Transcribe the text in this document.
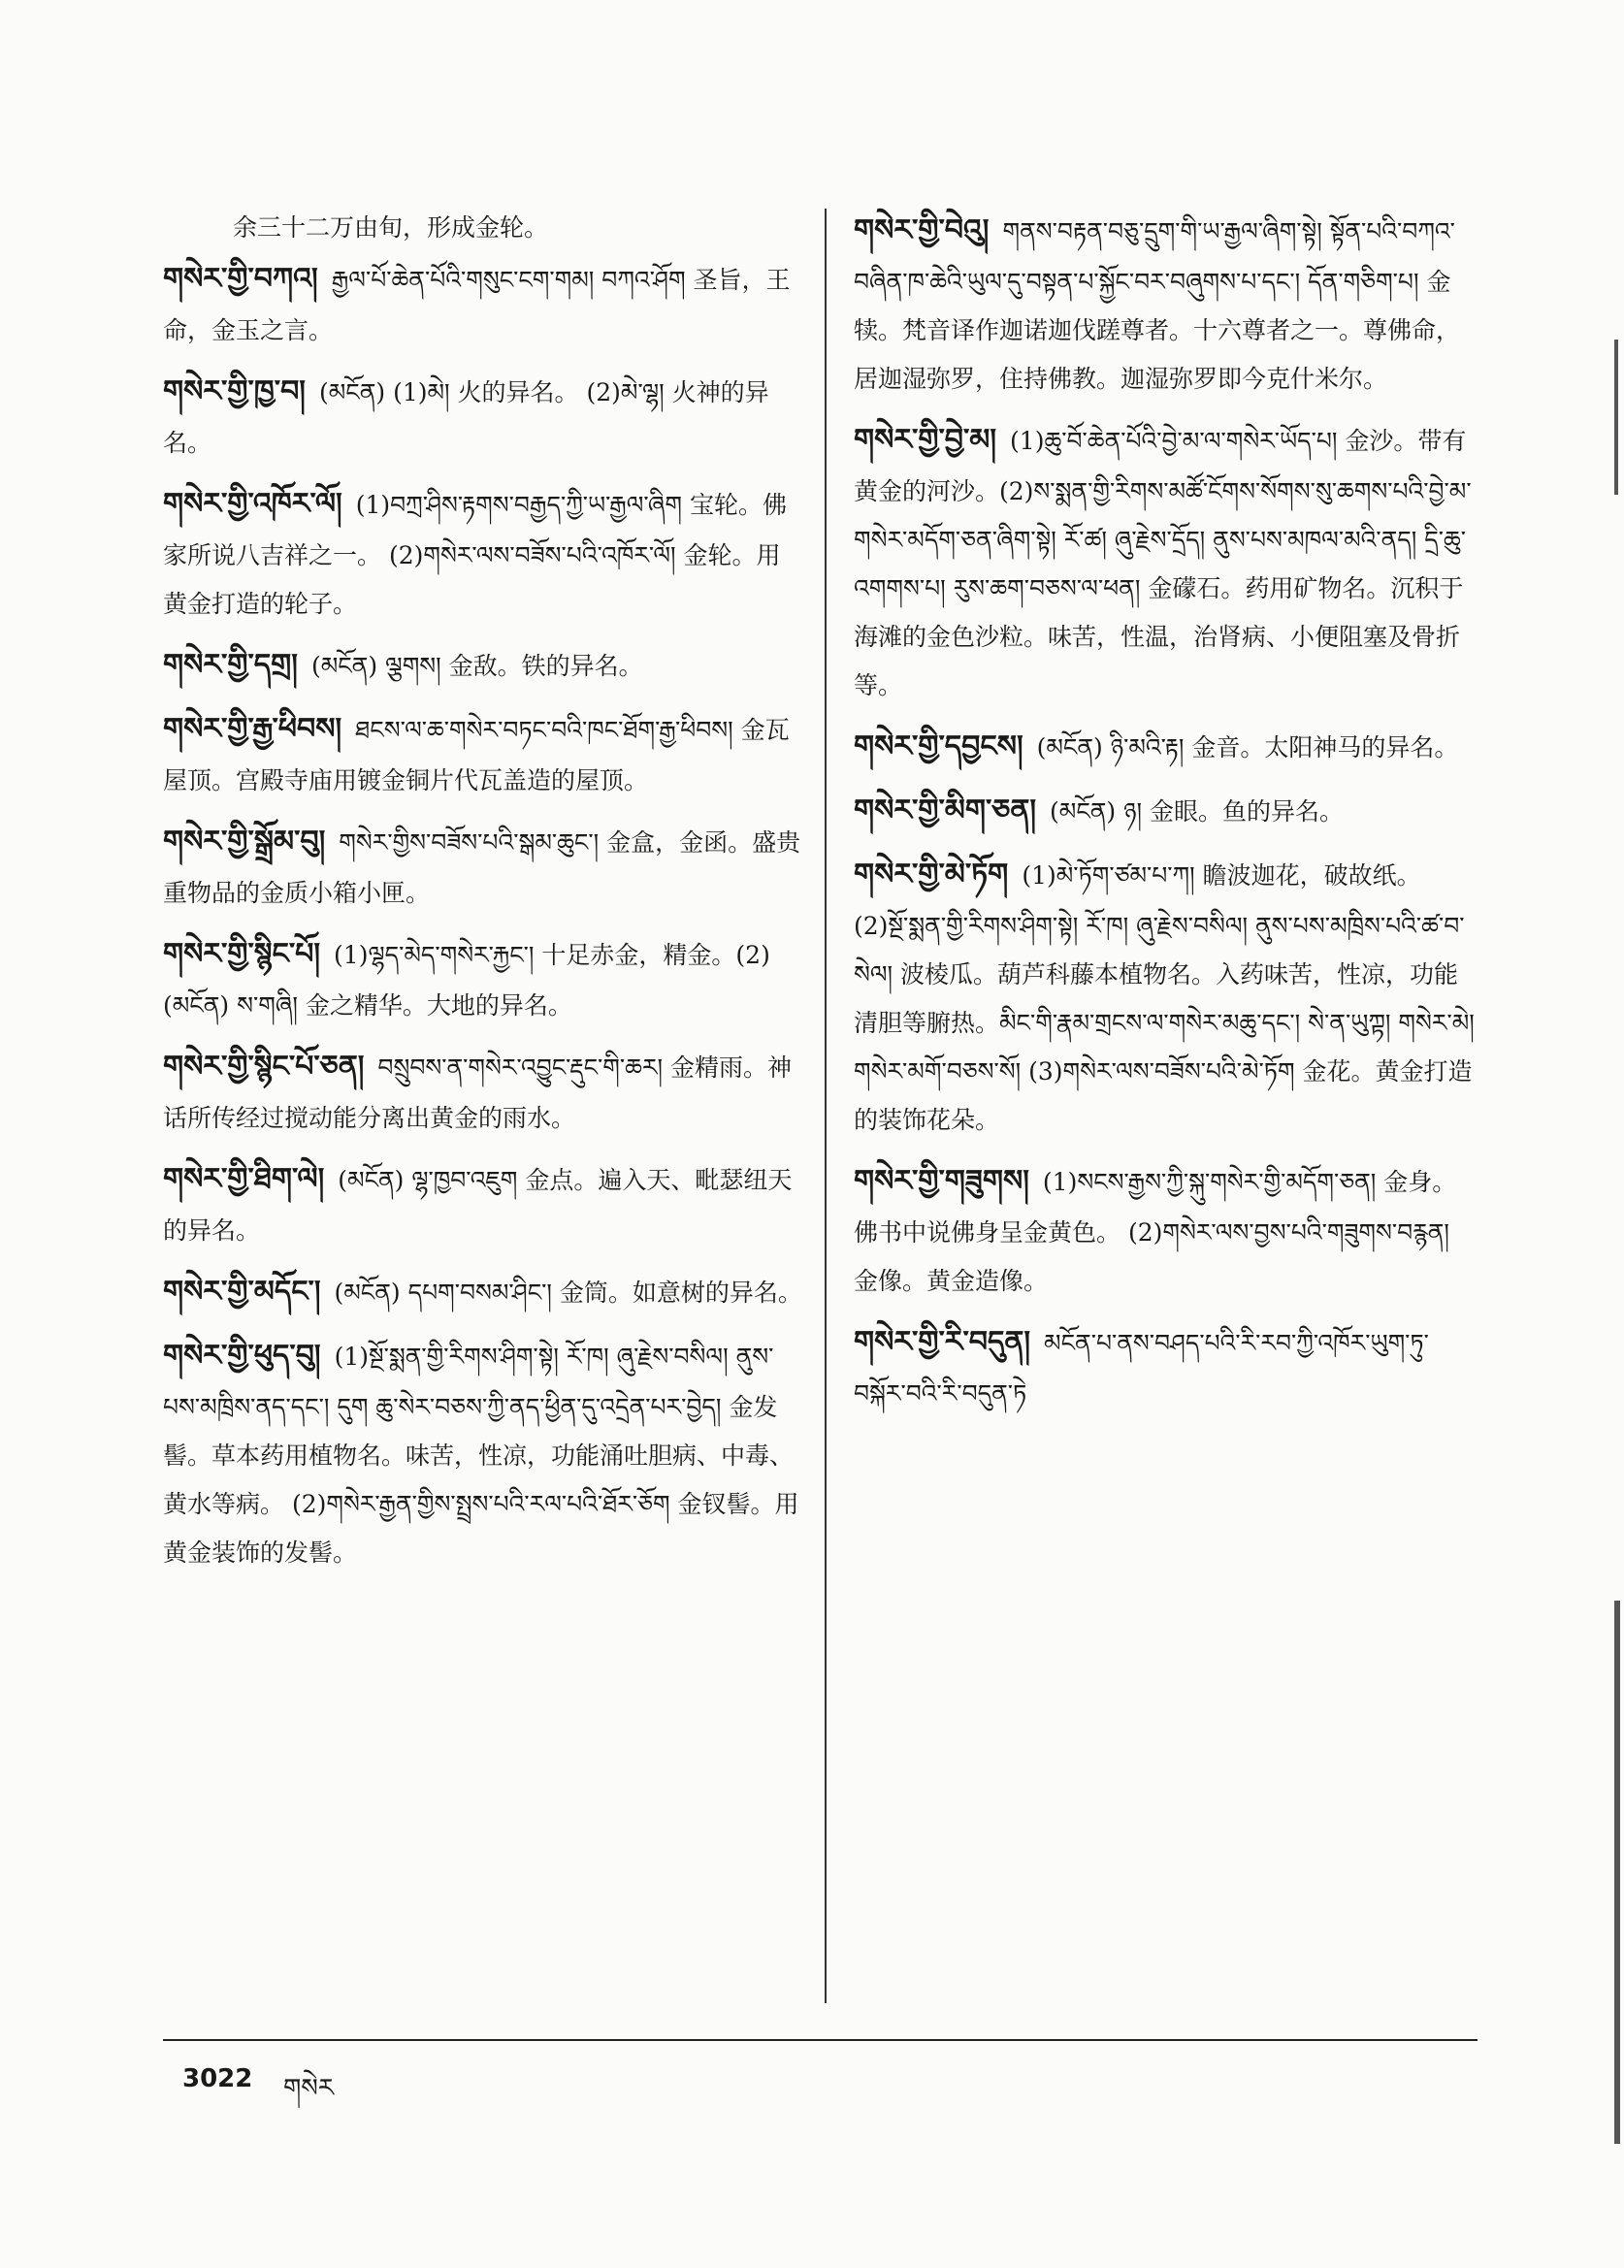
余三十二万由旬，形成金轮。
གསེར་གྱི་བཀའ། རྒྱལ་པོ་ཆེན་པོའི་གསུང་ངག་གམ། བཀའ་ཤོག 圣旨，王命，金玉之言。
གསེར་གྱི་ཁྱ་བ། (མངོན) (1)མེ། 火的异名。 (2)མེ་ལྷ། 火神的异名。
གསེར་གྱི་འཁོར་ལོ། (1)བཀྲ་ཤིས་རྟགས་བརྒྱད་ཀྱི་ཡ་རྒྱལ་ཞིག 宝轮。佛家所说八吉祥之一。 (2)གསེར་ལས་བཟོས་པའི་འཁོར་ལོ། 金轮。用黄金打造的轮子。
གསེར་གྱི་དགྲ། (མངོན) ལྕགས། 金敌。铁的异名。
གསེར་གྱི་རྒྱ་ཕིབས། ཐངས་ལ་ཆ་གསེར་བཏང་བའི་ཁང་ཐོག་རྒྱ་ཕིབས། 金瓦屋顶。宫殿寺庙用镀金铜片代瓦盖造的屋顶。
གསེར་གྱི་སྒྲོམ་བུ། གསེར་གྱིས་བཟོས་པའི་སྒམ་ཆུང་། 金盒，金函。盛贵重物品的金质小箱小匣。
གསེར་གྱི་སྙིང་པོ། (1)ལྷད་མེད་གསེར་རྐྱང་། 十足赤金，精金。(2)(མངོན) ས་གཞི། 金之精华。大地的异名。
གསེར་གྱི་སྙིང་པོ་ཅན། བསྲུབས་ན་གསེར་འབྱུང་རྡུང་གི་ཆར། 金精雨。神话所传经过搅动能分离出黄金的雨水。
གསེར་གྱི་ཐིག་ལེ། (མངོན) ལྷ་ཁྱབ་འཇུག 金点。遍入天、毗瑟纽天的异名。
གསེར་གྱི་མདོང་། (མངོན) དཔག་བསམ་ཤིང་། 金筒。如意树的异名。
གསེར་གྱི་ཕུད་བུ། (1)སྔོ་སྨན་གྱི་རིགས་ཤིག་སྟེ། རོ་ཁ། ཞུ་རྗེས་བསིལ། ནུས་པས་མཁྲིས་ནད་དང་། དུག ཆུ་སེར་བཅས་ཀྱི་ནད་ཕྱིན་དུ་འདྲེན་པར་བྱེད། 金发髻。草本药用植物名。味苦，性凉，功能涌吐胆病、中毒、黄水等病。 (2)གསེར་རྒྱན་གྱིས་སྤྲས་པའི་རལ་པའི་ཐོར་ཅོག 金钗髻。用黄金装饰的发髻。
གསེར་གྱི་བེའུ། གནས་བརྟན་བཅུ་དྲུག་གི་ཡ་རྒྱལ་ཞིག་སྟེ། སྟོན་པའི་བཀའ་བཞིན་ཁ་ཆེའི་ཡུལ་དུ་བསྟན་པ་སྐྱོང་བར་བཞུགས་པ་དང་། དོན་གཅིག་པ། 金犊。梵音译作迦诺迦伐蹉尊者。十六尊者之一。尊佛命，居迦湿弥罗，住持佛教。迦湿弥罗即今克什米尔。
གསེར་གྱི་བྱེ་མ། (1)ཆུ་བོ་ཆེན་པོའི་བྱེ་མ་ལ་གསེར་ཡོད་པ། 金沙。带有黄金的河沙。(2)ས་སྨན་གྱི་རིགས་མཚོ་ངོགས་སོགས་སུ་ཆགས་པའི་བྱེ་མ་གསེར་མདོག་ཅན་ཞིག་སྟེ། རོ་ཚ། ཞུ་རྗེས་དྲོད། ནུས་པས་མཁལ་མའི་ནད། དྲི་ཆུ་འགགས་པ། རུས་ཆག་བཅས་ལ་ཕན། 金礞石。药用矿物名。沉积于海滩的金色沙粒。味苦，性温，治肾病、小便阻塞及骨折等。
གསེར་གྱི་དབྱངས། (མངོན) ཉི་མའི་རྟ། 金音。太阳神马的异名。
གསེར་གྱི་མིག་ཅན། (མངོན) ཉ། 金眼。鱼的异名。
གསེར་གྱི་མེ་ཏོག (1)མེ་ཏོག་ཙམ་པ་ཀ། 瞻波迦花，破故纸。 (2)སྔོ་སྨན་གྱི་རིགས་ཤིག་སྟེ། རོ་ཁ། ཞུ་རྗེས་བསིལ། ནུས་པས་མཁྲིས་པའི་ཚ་བ་སེལ། 波棱瓜。葫芦科藤本植物名。入药味苦，性凉，功能清胆等腑热。མིང་གི་རྣམ་གྲངས་ལ་གསེར་མཆུ་དང་། སེ་ན་ཡུཀྟ། གསེར་མེ། གསེར་མགོ་བཅས་སོ། (3)གསེར་ལས་བཟོས་པའི་མེ་ཏོག 金花。黄金打造的装饰花朵。
གསེར་གྱི་གཟུགས། (1)སངས་རྒྱས་ཀྱི་སྐུ་གསེར་གྱི་མདོག་ཅན། 金身。佛书中说佛身呈金黄色。 (2)གསེར་ལས་བྱས་པའི་གཟུགས་བརྙན། 金像。黄金造像。
གསེར་གྱི་རི་བདུན། མངོན་པ་ནས་བཤད་པའི་རི་རབ་ཀྱི་འཁོར་ཡུག་ཏུ་བསྐོར་བའི་རི་བདུན་ཏེ
3022 གསེར
